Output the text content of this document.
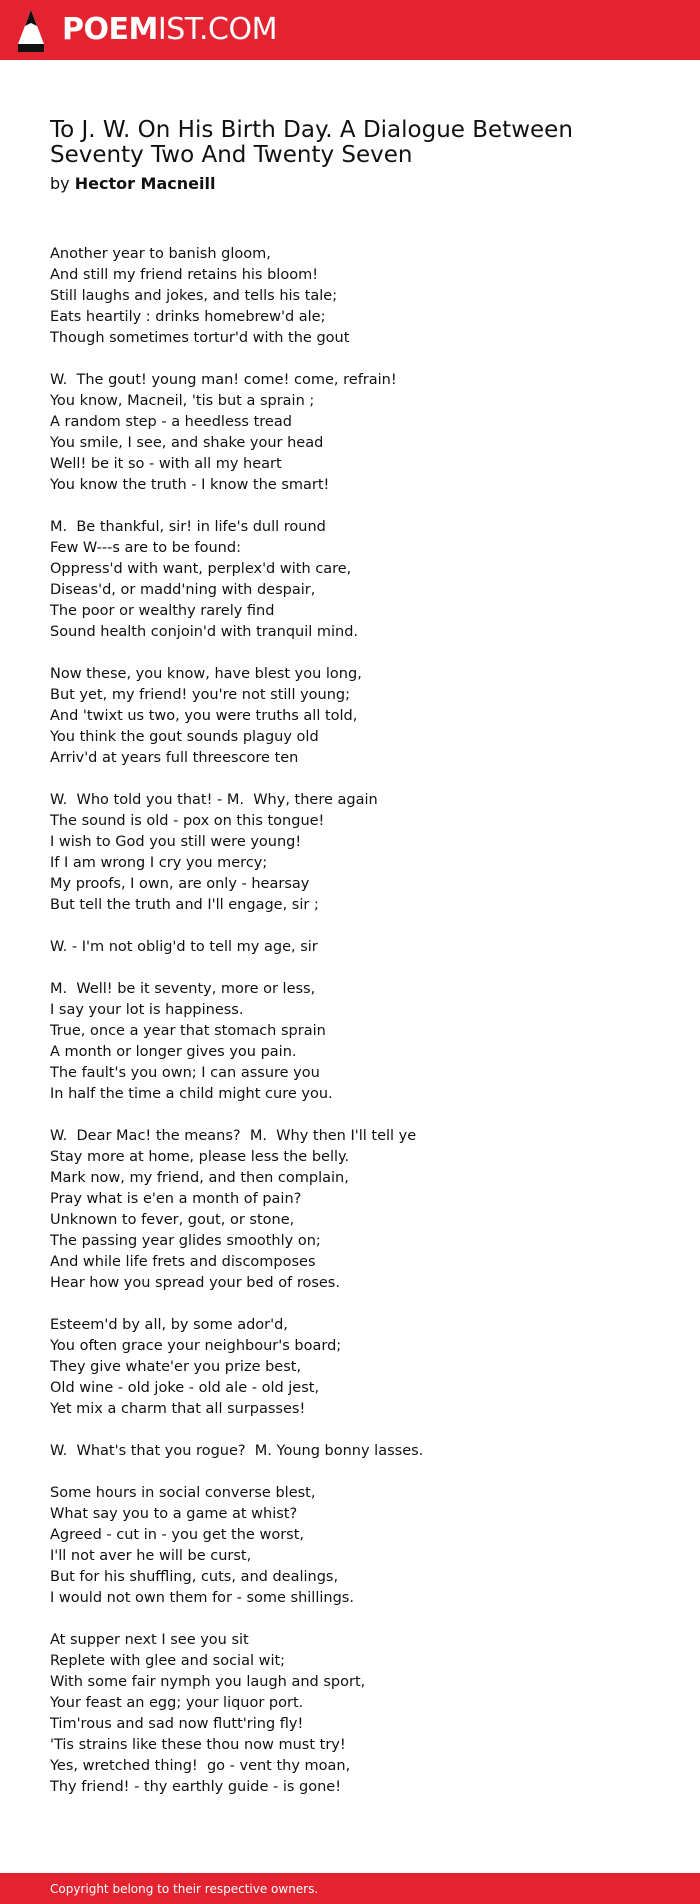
POEMIST.COM
To J. W. On His Birth Day. A Dialogue Between Seventy Two And Twenty Seven
by Hector Macneill
Another year to banish gloom,
And still my friend retains his bloom!
Still laughs and jokes, and tells his tale;
Eats heartily : drinks homebrew'd ale;
Though sometimes tortur'd with the gout
W.  The gout! young man! come! come, refrain!
You know, Macneil, 'tis but a sprain ;
A random step - a heedless tread
You smile, I see, and shake your head
Well! be it so - with all my heart
You know the truth - I know the smart!
M.  Be thankful, sir! in life's dull round
Few W---s are to be found:
Oppress'd with want, perplex'd with care,
Diseas'd, or madd'ning with despair,
The poor or wealthy rarely find
Sound health conjoin'd with tranquil mind.
Now these, you know, have blest you long,
But yet, my friend! you're not still young;
And 'twixt us two, you were truths all told,
You think the gout sounds plaguy old
Arriv'd at years full threescore ten
W.  Who told you that! - M.  Why, there again
The sound is old - pox on this tongue!
I wish to God you still were young!
If I am wrong I cry you mercy;
My proofs, I own, are only - hearsay
But tell the truth and I'll engage, sir ;
W. - I'm not oblig'd to tell my age, sir
M.  Well! be it seventy, more or less,
I say your lot is happiness.
True, once a year that stomach sprain
A month or longer gives you pain.
The fault's you own; I can assure you
In half the time a child might cure you.
W.  Dear Mac! the means?  M.  Why then I'll tell ye
Stay more at home, please less the belly.
Mark now, my friend, and then complain,
Pray what is e'en a month of pain?
Unknown to fever, gout, or stone,
The passing year glides smoothly on;
And while life frets and discomposes
Hear how you spread your bed of roses.
Esteem'd by all, by some ador'd,
You often grace your neighbour's board;
They give whate'er you prize best,
Old wine - old joke - old ale - old jest,
Yet mix a charm that all surpasses!
W.  What's that you rogue?  M. Young bonny lasses.
Some hours in social converse blest,
What say you to a game at whist?
Agreed - cut in - you get the worst,
I'll not aver he will be curst,
But for his shuffling, cuts, and dealings,
I would not own them for - some shillings.
At supper next I see you sit
Replete with glee and social wit;
With some fair nymph you laugh and sport,
Your feast an egg; your liquor port.
Tim'rous and sad now flutt'ring fly!
'Tis strains like these thou now must try!
Yes, wretched thing!  go - vent thy moan,
Thy friend! - thy earthly guide - is gone!
Copyright belong to their respective owners.
